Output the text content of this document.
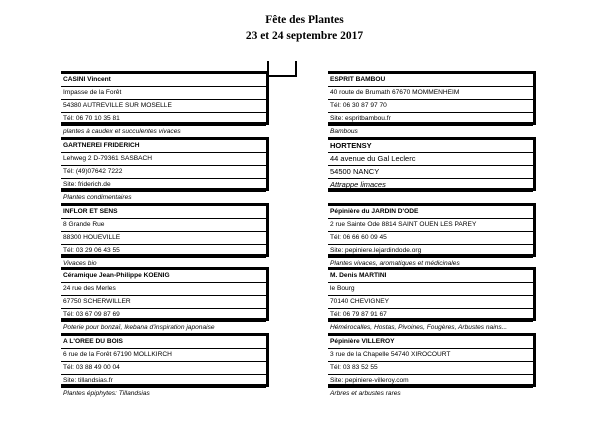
Fête des Plantes
23 et 24 septembre 2017
CASINI Vincent
Impasse de la Forêt
54380 AUTREVILLE SUR MOSELLE
Tél: 06 70 10 35 81
plantes à caudex et succulentes vivaces
GARTNEREI FRIDERICH
Lehweg 2 D-79361 SASBACH
Tél: (49)07642 7222
Site: friderich.de
Plantes condimentaires
INFLOR ET SENS
8 Grande Rue
88300 HOUEVILLE
Tél: 03 29 06 43 55
Vivaces bio
Céramique Jean-Philippe KOENIG
24 rue des Merles
67750 SCHERWILLER
Tél: 03 67 09 87 69
Poterie pour bonzaï, Ikebana d'inspiration japonaise
A L'OREE DU BOIS
6 rue de la Forêt 67190 MOLLKIRCH
Tél: 03 88 49 00 04
Site: tillandsias.fr
Plantes épiphytes: Tillandsias
ESPRIT BAMBOU
40 route de Brumath 67670 MOMMENHEIM
Tél: 06 30 87 97 70
Site: espritbambou.fr
Bambous
HORTENSY
44 avenue du Gal Leclerc
54500 NANCY
Attrappe limaces
Pépinière du JARDIN D'ODE
2 rue Sainte Ode 8814 SAINT OUEN LES PAREY
Tél: 06 66 60 09 45
Site: pepiniere.lejardindode.org
Plantes vivaces, aromatiques et médicinales
M. Denis MARTINI
le Bourg
70140 CHEVIGNEY
Tél: 06 79 87 91 67
Hémérocalles, Hostas, Pivoines, Fougères, Arbustes nains...
Pépinière VILLEROY
3 rue de la Chapelle 54740 XIROCOURT
Tél: 03 83 52 55
Site: pepiniere-villeroy.com
Arbres et arbustes rares
